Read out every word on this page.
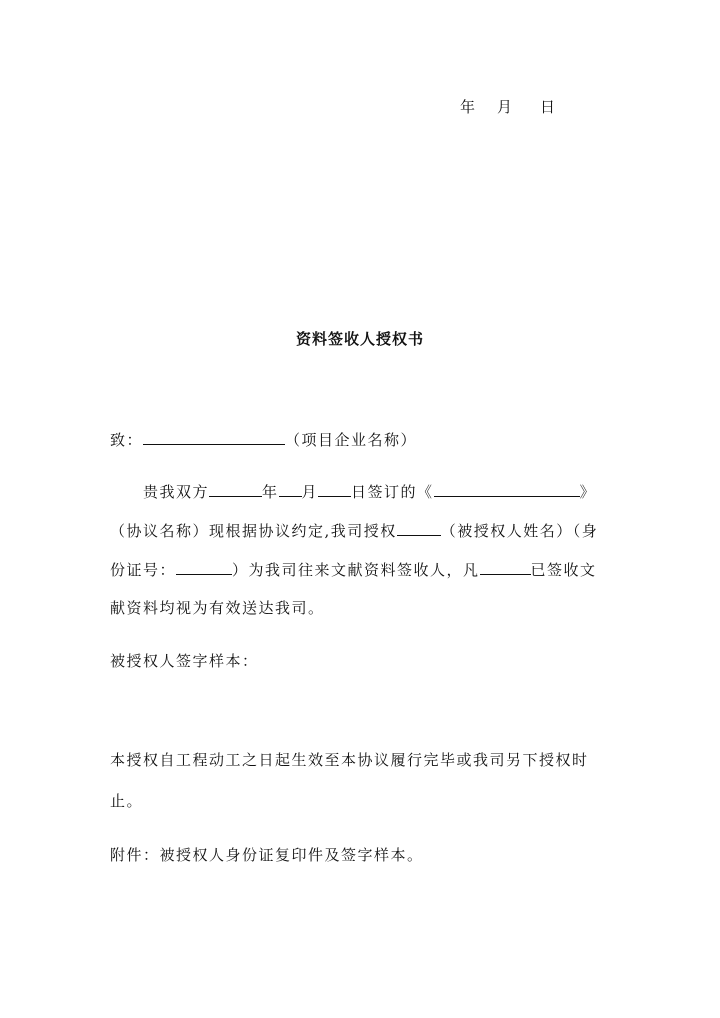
年 月 日
资料签收人授权书
致：	（项目企业名称）
贵我双方	年 月 日签订的《	》
（协议名称）现根据协议约定,我司授权	（被授权人姓名）（身
份证号：	）为我司往来文献资料签收人，凡	已签收文
献资料均视为有效送达我司。
被授权人签字样本：
本授权自工程动工之日起生效至本协议履行完毕或我司另下授权时
止。
附件：被授权人身份证复印件及签字样本。
